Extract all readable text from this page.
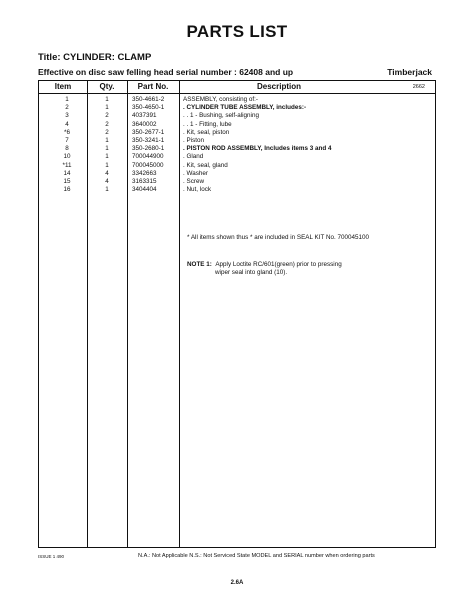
PARTS LIST
Title: CYLINDER: CLAMP
Effective on disc saw felling head serial number : 62408 and up	Timberjack
Item	Qty.	Part No.	Description	2662
1	1	350-4661-2	ASSEMBLY, consisting of:-
2	1	350-4650-1	. CYLINDER TUBE ASSEMBLY, includes:-
3	2	4037391	. . 1 - Bushing, self-aligning
4	2	3640002	. . 1 - Fitting, lube
*6	2	350-2677-1	. Kit, seal, piston
7	1	350-3241-1	. Piston
8	1	350-2680-1	. PISTON ROD ASSEMBLY, Includes items 3 and 4
10	1	700044900	. Gland
*11	1	700045000	. Kit, seal, gland
14	4	3342663	. Washer
15	4	3163315	. Screw
16	1	3404404	. Nut, lock
* All items shown thus * are included in SEAL KIT No. 700045100
NOTE 1: Apply Loctite RC/601(green) prior to pressing
wiper seal into gland (10).
ISSUE 1 490	N.A.: Not Applicable N.S.: Not Serviced State MODEL and SERIAL number when ordering parts
2.6A
